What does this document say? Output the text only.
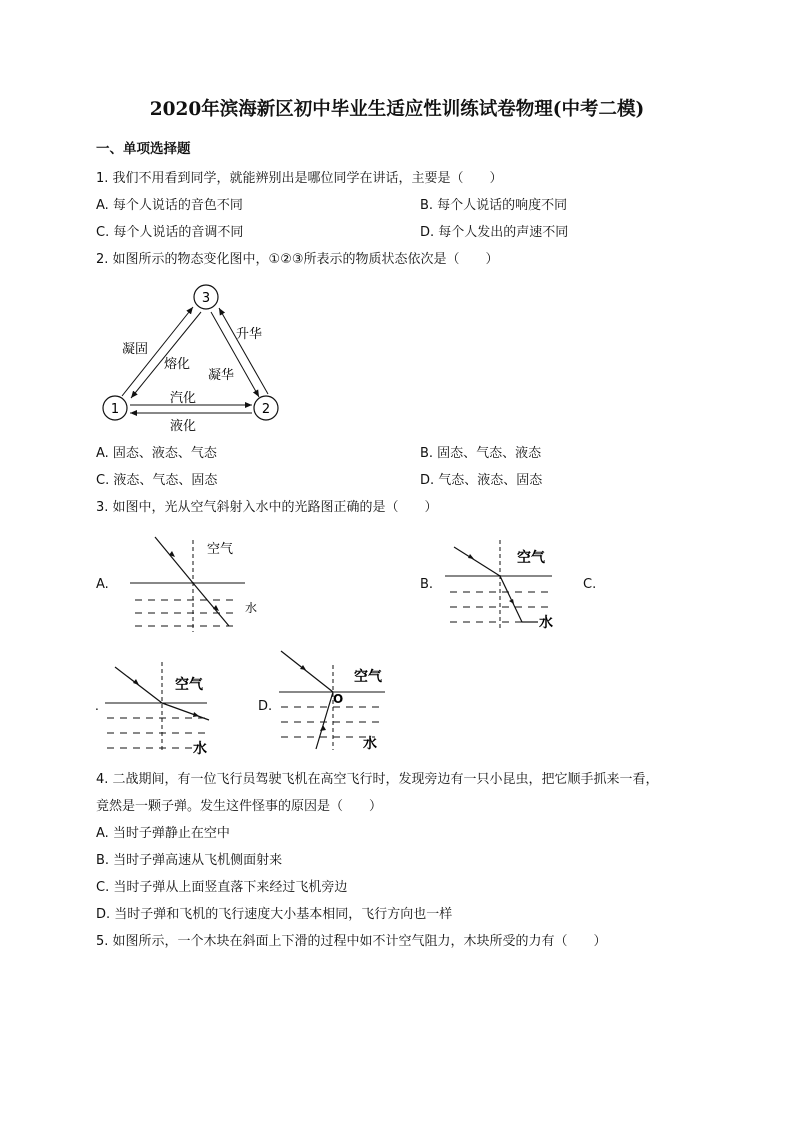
2020年滨海新区初中毕业生适应性训练试卷物理(中考二模)
一、单项选择题
1. 我们不用看到同学，就能辨别出是哪位同学在讲话，主要是（　　）
A. 每个人说话的音色不同	B. 每个人说话的响度不同
C. 每个人说话的音调不同	D. 每个人发出的声速不同
2. 如图所示的物态变化图中，①②③所表示的物质状态依次是（　　）
1	2
3
凝固
熔化
升华
凝华
汽化
液化
A. 固态、液态、气态	B. 固态、气态、液态
C. 液态、气态、固态	D. 气态、液态、固态
3. 如图中，光从空气斜射入水中的光路图正确的是（　　）
A.
空气
水
B.
空气
水
C.
空气
水
.	D.	O
空气
水
4. 二战期间，有一位飞行员驾驶飞机在高空飞行时，发现旁边有一只小昆虫，把它顺手抓来一看，
竟然是一颗子弹。发生这件怪事的原因是（　　）
A. 当时子弹静止在空中
B. 当时子弹高速从飞机侧面射来
C. 当时子弹从上面竖直落下来经过飞机旁边
D. 当时子弹和飞机的飞行速度大小基本相同，飞行方向也一样
5. 如图所示，一个木块在斜面上下滑的过程中如不计空气阻力，木块所受的力有（　　）
